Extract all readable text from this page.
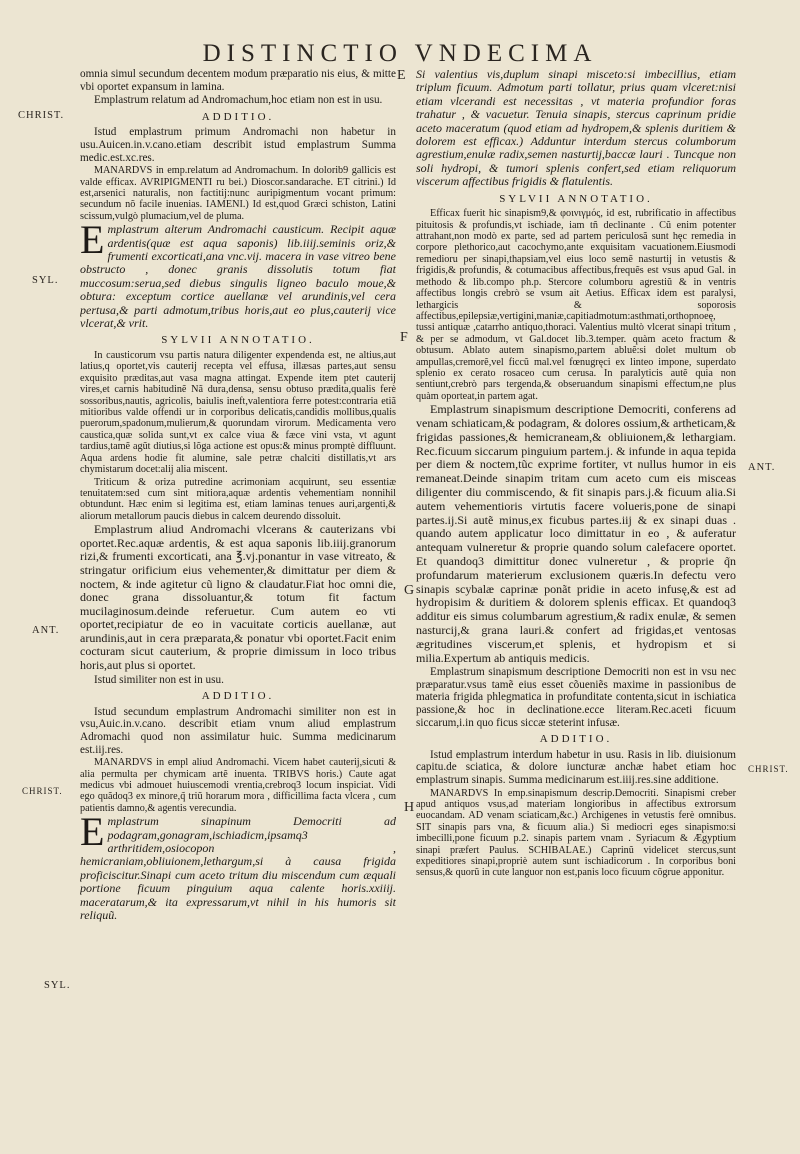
DISTINCTIO VNDECIMA
CHRIST.
SYL.
ANT.
CHRIST.
SYL.
ANT.
CHRIST.
E
F
G
H

omnia simul secundum decentem modum præparatio nis eius, & mitte vbi oportet expansum in lamina.

Emplastrum relatum ad Andromachum,hoc etiam non est in usu.

ADDITIO.

Istud emplastrum primum Andromachi non habetur in usu.Auicen.in.v.cano.etiam describit istud emplastrum Summa medic.est.xc.res.

MANARDVS in emp.relatum ad Andromachum. In dolorib9 gallicis est valde efficax. AVRIPIGMENTI ru bei.) Dioscor.sandarache. ET citrini.) Id est,arsenici naturalis, non factitij:nunc auripigmentum vocant primum: secundum nõ facile inuenias. IAMENI.) Id est,quod Græci schiston, Latini scissum,vulgò plumacium,vel de pluma.

Emplastrum alterum Andromachi causticum. Recipit aquæ ardentis(quæ est aqua saponis) lib.iiij.seminis oriz,& frumenti excorticati,ana vnc.vij. macera in vase vitreo bene obstructo , donec granis dissolutis totum fiat muccosum:serua,sed diebus singulis ligneo baculo moue,& obtura: exceptum cortice auellanæ vel arundinis,vel cera pertusa,& parti admotum,tribus horis,aut eo plus,cauterij vice vlcerat,& vrit.

SYLVII ANNOTATIO.

In causticorum vsu partis natura diligenter expendenda est, ne altius,aut latius,q oportet,vis cauterij recepta vel effusa, illæsas partes,aut sensu exquisito præditas,aut vasa magna attingat. Expende item ptet cauterij vires,et carnis habitudinẽ Nã dura,densa, sensu obtuso prædita,qualis ferè sossoribus,nautis, agricolis, baiulis ineft,valentiora ferre potest:contraria etiã mitioribus valde offendi ur in corporibus delicatis,candidis mollibus,qualis puerorum,spadonum,mulierum,& quorundam virorum. Medicamenta vero caustica,quæ solida sunt,vt ex calce viua & fæce vini vsta, vt agunt tardius,tamẽ agũt diutius,si lõga actione est opus:& minus promptè diffluunt. Aqua ardens hodie fit alumine, sale petræ chalciti distillatis,vt ars chymistarum docet:alij alia miscent.

Triticum & oriza putredine acrimoniam acquirunt, seu essentiæ tenuitatem:sed cum sint mitiora,aquæ ardentis vehementiam nonnihil obtundunt. Hæc enim si legitima est, etiam laminas tenues auri,argenti,& aliorum metallorum paucis diebus in calcem deurendo dissoluit.

Emplastrum aliud Andromachi vlcerans & cauterizans vbi oportet.Rec.aquæ ardentis, & est aqua saponis lib.iiij.granorum rizi,& frumenti excorticati, ana ℥.vj.ponantur in vase vitreato, & stringatur orificium eius vehementer,& dimittatur per diem & noctem, & inde agitetur cũ ligno & claudatur.Fiat hoc omni die, donec grana dissoluantur,& totum fit factum mucilaginosum.deinde referuetur. Cum autem eo vti oportet,recipiatur de eo in vacuitate corticis auellanæ, aut arundinis,aut in cera præparata,& ponatur vbi oportet.Facit enim cocturam sicut cauterium, & proprie dimissum in loco tribus horis,aut plus si oportet.

Istud similiter non est in usu.

ADDITIO.

Istud secundum emplastrum Andromachi similiter non est in vsu,Auic.in.v.cano. describit etiam vnum aliud emplastrum Adromachi quod non assimilatur huic. Summa medicinarum est.iij.res.

MANARDVS in empl aliud Andromachi. Vicem habet cauterij,sicuti & alia permulta per chymicam artẽ inuenta. TRIBVS horis.) Caute agat medicus vbi admouet huiuscemodi vrentia,crebroq3 locum inspiciat. Vidi ego quãdoq3 ex minore,q̃ triũ horarum mora , difficillima facta vlcera , cum patientis damno,& agentis verecundia.

Emplastrum sinapinum Democriti ad podagram,gonagram,ischiadicm,ipsamq3 arthritidem,osiocopon , hemicraniam,obliuionem,lethargum,si à causa frigida proficiscitur.Sinapi cum aceto tritum diu miscendum cum æquali portione ficuum pinguium aqua calente horis.xxiiij. maceratarum,& ita expressarum,vt nihil in his humoris sit reliquũ.

Si valentius vis,duplum sinapi misceto:si imbecillius, etiam triplum ficuum. Admotum parti tollatur, prius quam vlceret:nisi etiam vlcerandi est necessitas , vt materia profundior foras trahatur , & vacuetur. Tenuia sinapis, stercus caprinum pridie aceto maceratum (quod etiam ad hydropem,& splenis duritiem & dolorem est efficax.) Adduntur interdum stercus columborum agrestium,enulæ radix,semen nasturtij,baccæ lauri . Tuncque non soli hydropi, & tumori splenis confert,sed etiam reliquorum viscerum affectibus frigidis & flatulentis.

SYLVII ANNOTATIO.

Efficax fuerit hic sinapism9,& φοινιγμός, id est, rubrificatio in affectibus pituitosis & profundis,vt ischiade, iam tñ declinante . Cũ enim potenter attrahant,non modò ex parte, sed ad partem periculosã sunt hęc remedia in corpore plethorico,aut cacochymo,ante exquisitam vacuationem.Eiusmodi remedioru per sinapi,thapsiam,vel eius loco semẽ nasturtij in vetustis & frigidis,& profundis, & cotumacibus affectibus,frequẽs est vsus apud Gal. in methodo & lib.compo ph.p. Stercore columboru agrestiũ & in ventris affectibus longis crebrò se vsum ait Aetius. Efficax idem est paralysi, lethargicis & soporosis affectibus,epilepsiæ,vertigini,maniæ,capitiadmotum:asthmati,orthopnoeę, tussi antiquæ ,catarrho antiquo,thoraci. Valentius multò vlcerat sinapi tritum , & per se admodum, vt Gal.docet lib.3.temper. quàm aceto fractum & obtusum. Ablato autem sinapismo,partem abluẽ:si dolet multum ob ampullas,cremorẽ,vel ficcũ mal.vel fœnugręci ex linteo impone, superdato splenio ex cerato rosaceo cum cerusa. In paralyticis autẽ quia non sentiunt,crebrò pars tergenda,& obseruandum sinapismi effectum,ne plus quàm oporteat,in partem agat.

Emplastrum sinapismum descriptione Democriti, conferens ad venam schiaticam,& podagram, & dolores ossium,& artheticam,& frigidas passiones,& hemicraneam,& obliuionem,& lethargiam. Rec.ficuum siccarum pinguium partem.j. & infunde in aqua tepida per diem & noctem,tũc exprime fortiter, vt nullus humor in eis remaneat.Deinde sinapim tritam cum aceto cum eis misceas diligenter diu commiscendo, & fit sinapis pars.j.& ficuum alia.Si autem vehementioris virtutis facere volueris,pone de sinapi partes.ij.Si autẽ minus,ex ficubus partes.iij & ex sinapi duas . quando autem applicatur loco dimittatur in eo , & auferatur antequam vulneretur & proprie quando solum calefacere oportet. Et quandoq3 dimittitur donec vulneretur , & proprie q̃n profundarum materierum exclusionem quæris.In defectu vero sinapis scybalæ caprinæ ponãt pridie in aceto infusę,& est ad hydropisim & duritiem & dolorem splenis efficax. Et quandoq3 additur eis simus columbarum agrestium,& radix enulæ, & semen nasturcij,& grana lauri.& confert ad frigidas,et ventosas ægritudines viscerum,et splenis, et hydropism et si milia.Expertum ab antiquis medicis.

Emplastrum sinapismum descriptione Democriti non est in vsu nec præparatur.vsus tamẽ eius esset cõueniẽs maxime in passionibus de materia frigida phlegmatica in profunditate contenta,sicut in ischiatica passione,& hoc in declinatione.ecce literam.Rec.aceti ficuum siccarum,i.in quo ficus siccæ steterint infusæ.

ADDITIO.

Istud emplastrum interdum habetur in usu. Rasis in lib. diuisionum capitu.de sciatica, & dolore iuncturæ anchæ habet etiam hoc emplastrum sinapis. Summa medicinarum est.iiij.res.sine additione.

MANARDVS In emp.sinapismum descrip.Democriti. Sinapismi creber apud antiquos vsus,ad materiam longioribus in affectibus extrorsum euocandam. AD venam sciaticam,&c.) Archigenes in vetustis ferè omnibus. SIT sinapis pars vna, & ficuum alia.) Si mediocri eges sinapismo:si imbecilli,pone ficuum p.2. sinapis partem vnam . Syriacum & Ægyptium sinapi præfert Paulus. SCHIBALAE.) Caprinũ videlicet stercus,sunt expeditiores sinapi,propriè autem sunt ischiadicorum . In corporibus boni sensus,& quorũ in cute languor non est,panis loco ficuum cõgrue apponitur.
